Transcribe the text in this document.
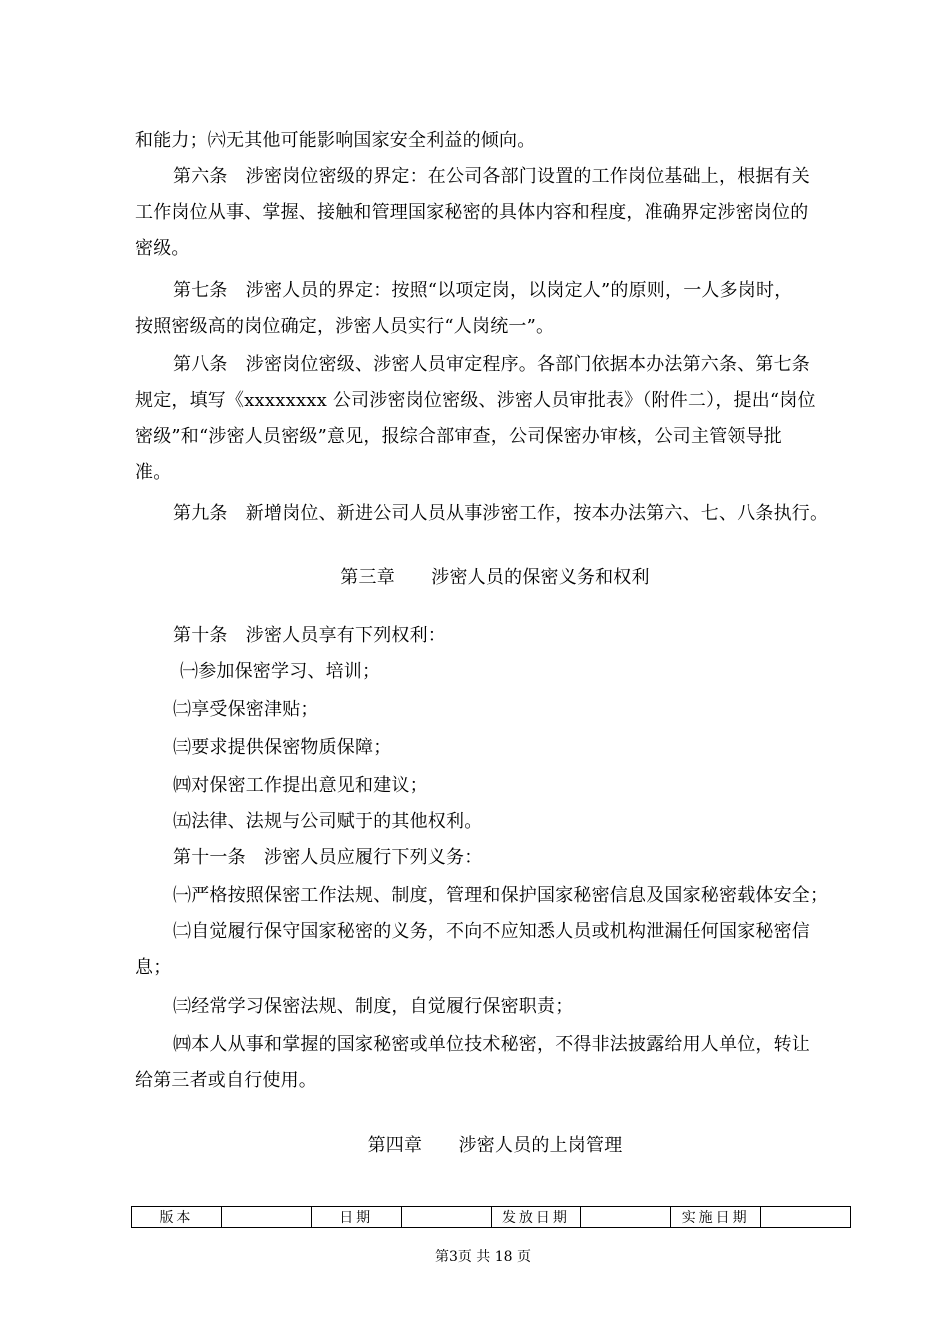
和能力；㈥无其他可能影响国家安全利益的倾向。
第六条　涉密岗位密级的界定：在公司各部门设置的工作岗位基础上，根据有关
工作岗位从事、掌握、接触和管理国家秘密的具体内容和程度，准确界定涉密岗位的
密级。
第七条　涉密人员的界定：按照“以项定岗，以岗定人”的原则，一人多岗时，
按照密级高的岗位确定，涉密人员实行“人岗统一”。
第八条　涉密岗位密级、涉密人员审定程序。各部门依据本办法第六条、第七条
规定，填写《xxxxxxxx 公司涉密岗位密级、涉密人员审批表》（附件二），提出“岗位
密级”和“涉密人员密级”意见，报综合部审查，公司保密办审核，公司主管领导批
准。
第九条　新增岗位、新进公司人员从事涉密工作，按本办法第六、七、八条执行。
第三章　　涉密人员的保密义务和权利
第十条　涉密人员享有下列权利：
㈠参加保密学习、培训；
㈡享受保密津贴；
㈢要求提供保密物质保障；
㈣对保密工作提出意见和建议；
㈤法律、法规与公司赋于的其他权利。
第十一条　涉密人员应履行下列义务：
㈠严格按照保密工作法规、制度，管理和保护国家秘密信息及国家秘密载体安全；
㈡自觉履行保守国家秘密的义务，不向不应知悉人员或机构泄漏任何国家秘密信
息；
㈢经常学习保密法规、制度，自觉履行保密职责；
㈣本人从事和掌握的国家秘密或单位技术秘密，不得非法披露给用人单位，转让
给第三者或自行使用。
第四章　　涉密人员的上岗管理
版本		日期		发放日期		实施日期	
第3页 共 18 页
